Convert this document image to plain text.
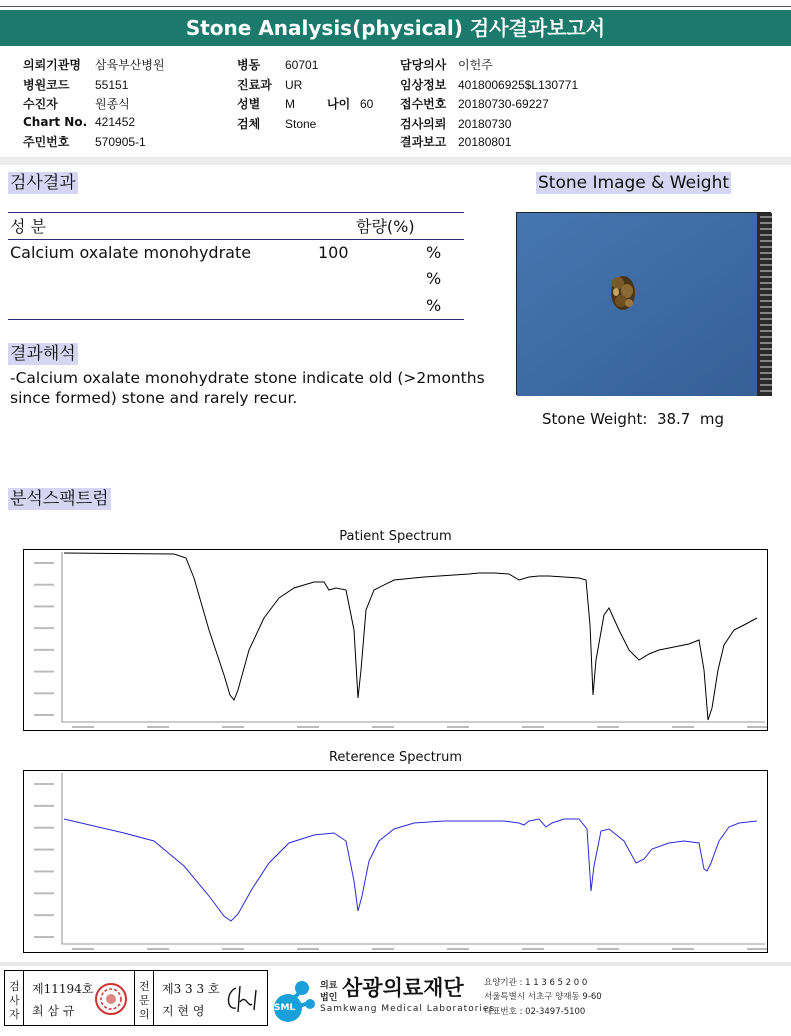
Stone Analysis(physical) 검사결과보고서
의뢰기관명 삼육부산병원
병원코드 55151
수진자	원종식
Chart No. 421452
주민번호 570905-1
병동 60701
진료과 UR
성별 M
검체 Stone
나이 60
담당의사 이헌주
임상정보 4018006925$L130771
접수번호 20180730-69227
검사의뢰 20180730
결과보고 20180801
검사결과	Stone Image & Weight
성 분	함량(%)
Calcium oxalate monohydrate	100	%
%
%
결과해석
-Calcium oxalate monohydrate stone indicate old (>2months since formed) stone and rarely recur.
Stone Weight: 38.7 mg
분석스팩트럼
Patient Spectrum
Reterence Spectrum
검
사
자
제11194호
최 삼 규
전
문
의
제3 3 3 호
지 현 영	SML
의료
법인 삼광의료재단
Samkwang Medical Laboratories
요양기관 : 1 1 3 6 5 2 0 0
서울특별시 서초구 양재동 9-60
대표번호 : 02-3497-5100
